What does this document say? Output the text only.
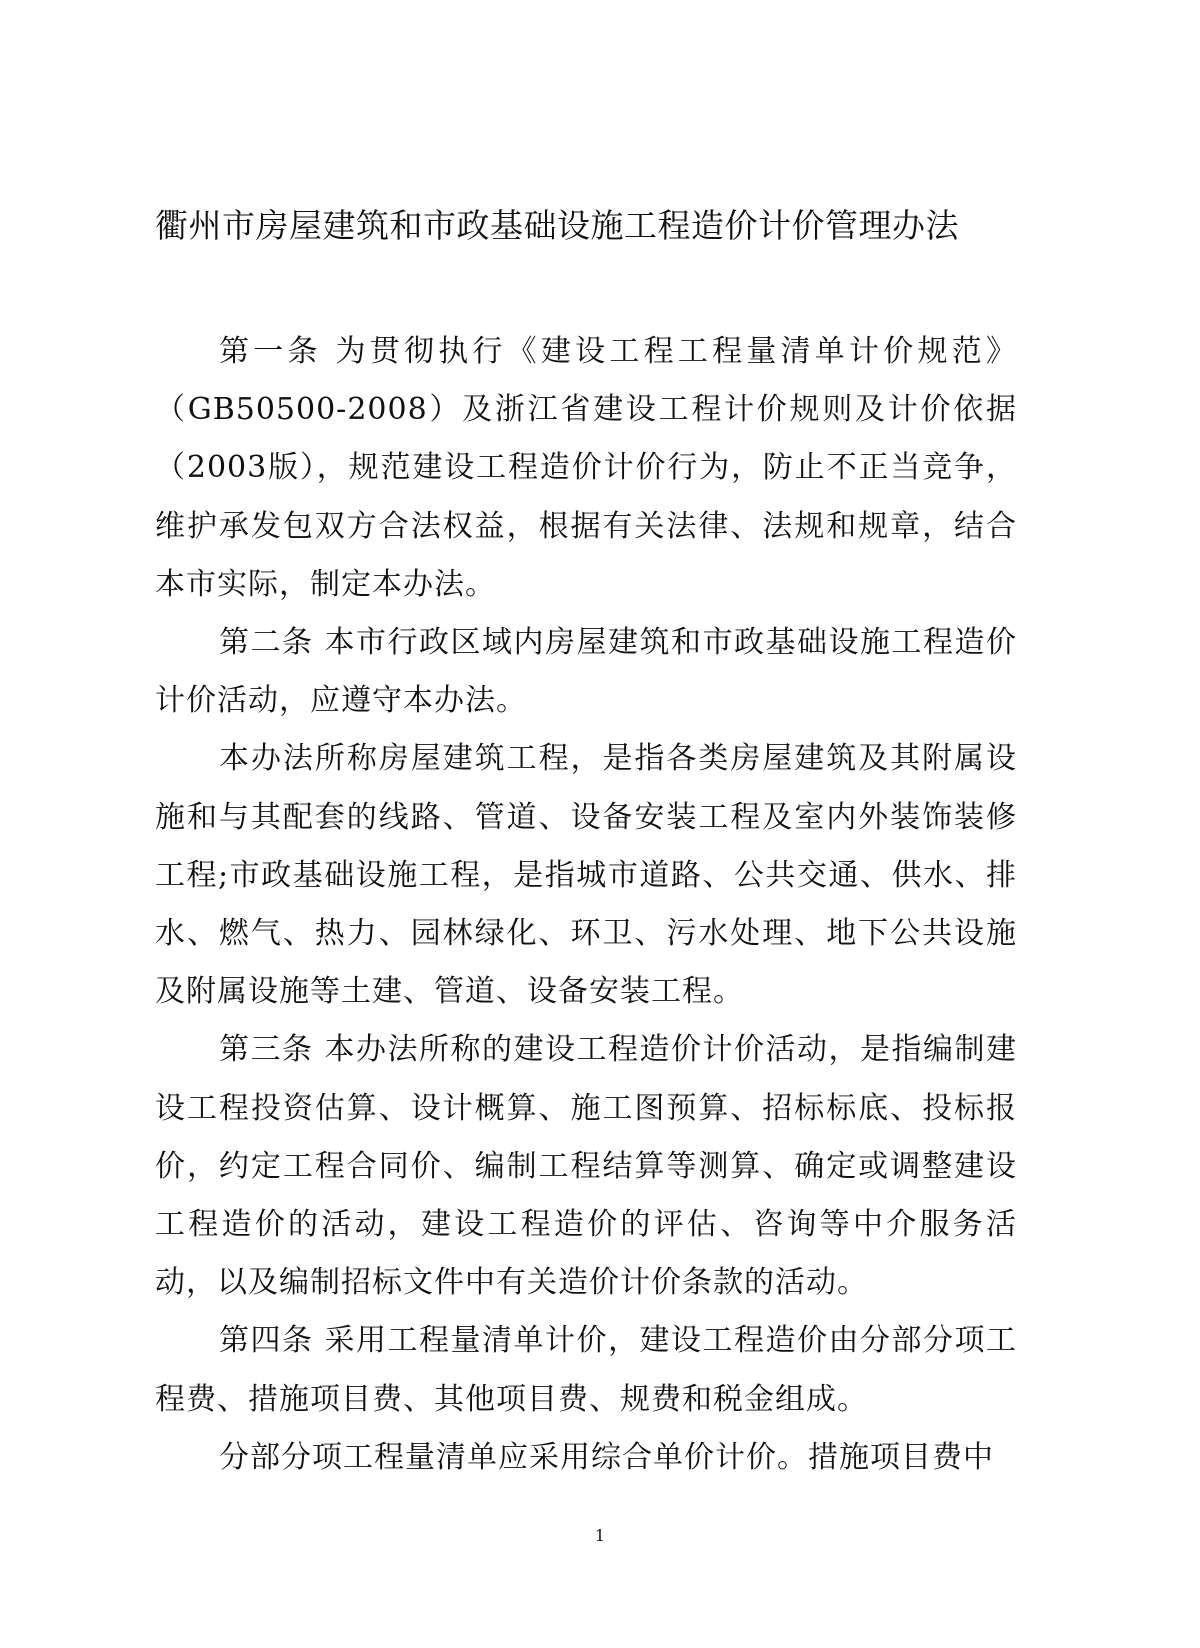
衢州市房屋建筑和市政基础设施工程造价计价管理办法

第一条 为贯彻执行《建设工程工程量清单计价规范》（GB50500-2008）及浙江省建设工程计价规则及计价依据（2003版），规范建设工程造价计价行为，防止不正当竞争，维护承发包双方合法权益，根据有关法律、法规和规章，结合本市实际，制定本办法。

第二条 本市行政区域内房屋建筑和市政基础设施工程造价计价活动，应遵守本办法。

本办法所称房屋建筑工程，是指各类房屋建筑及其附属设施和与其配套的线路、管道、设备安装工程及室内外装饰装修工程;市政基础设施工程，是指城市道路、公共交通、供水、排水、燃气、热力、园林绿化、环卫、污水处理、地下公共设施及附属设施等土建、管道、设备安装工程。

第三条 本办法所称的建设工程造价计价活动，是指编制建设工程投资估算、设计概算、施工图预算、招标标底、投标报价，约定工程合同价、编制工程结算等测算、确定或调整建设工程造价的活动，建设工程造价的评估、咨询等中介服务活动，以及编制招标文件中有关造价计价条款的活动。

第四条 采用工程量清单计价，建设工程造价由分部分项工程费、措施项目费、其他项目费、规费和税金组成。

分部分项工程量清单应采用综合单价计价。措施项目费中

1
